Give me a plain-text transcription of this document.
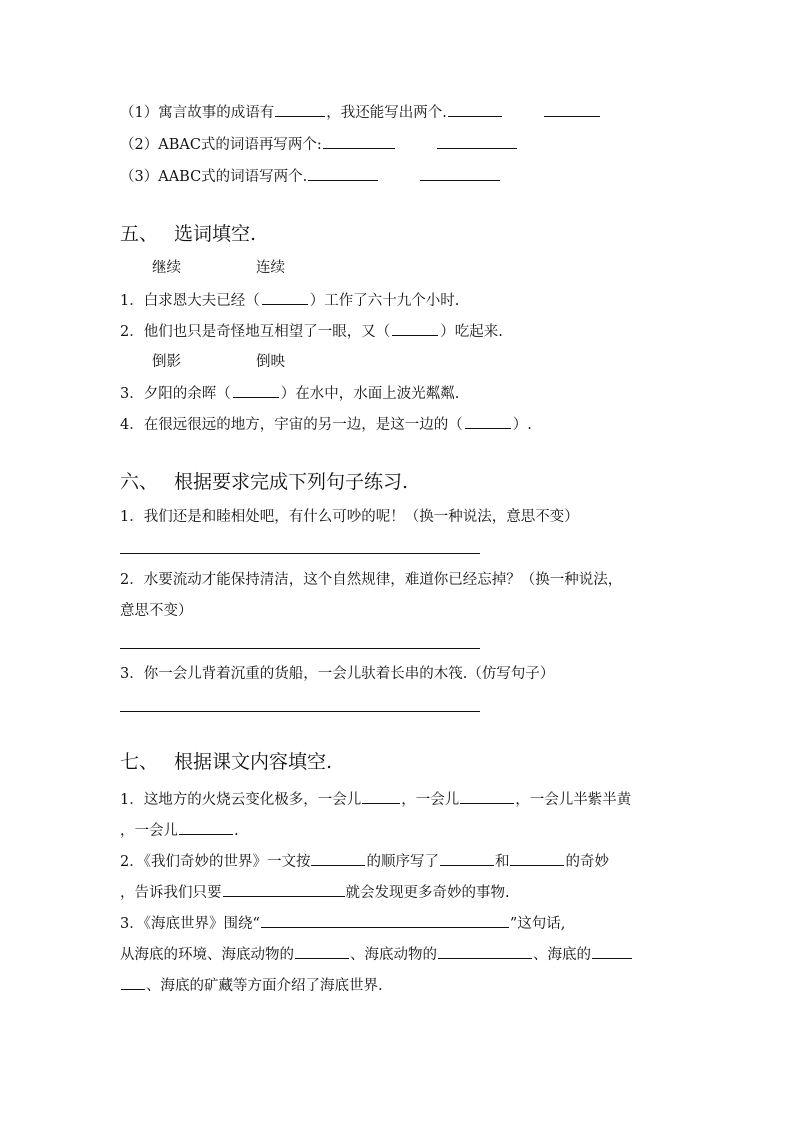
（1）寓言故事的成语有	，我还能写出两个.
（2）ABAC式的词语再写两个:
（3）AABC式的词语写两个.
五、 选词填空.
继续	连续
1．白求恩大夫已经（	）工作了六十九个小时.
2．他们也只是奇怪地互相望了一眼，又（	）吃起来.
倒影	倒映
3．夕阳的余晖（	）在水中，水面上波光粼粼.
4．在很远很远的地方，宇宙的另一边，是这一边的（	）.
六、 根据要求完成下列句子练习.
1．我们还是和睦相处吧，有什么可吵的呢！（换一种说法，意思不变）
2．水要流动才能保持清洁，这个自然规律，难道你已经忘掉？（换一种说法，
意思不变）
3．你一会儿背着沉重的货船，一会儿驮着长串的木筏.（仿写句子）
七、 根据课文内容填空.
1．这地方的火烧云变化极多，一会儿	，一会儿	，一会儿半紫半黄
，一会儿	.
2．《我们奇妙的世界》一文按	的顺序写了	和	的奇妙
，告诉我们只要	就会发现更多奇妙的事物.
3．《海底世界》围绕“	”这句话,
从海底的环境、海底动物的	、海底动物的	、海底的
、海底的矿藏等方面介绍了海底世界.
